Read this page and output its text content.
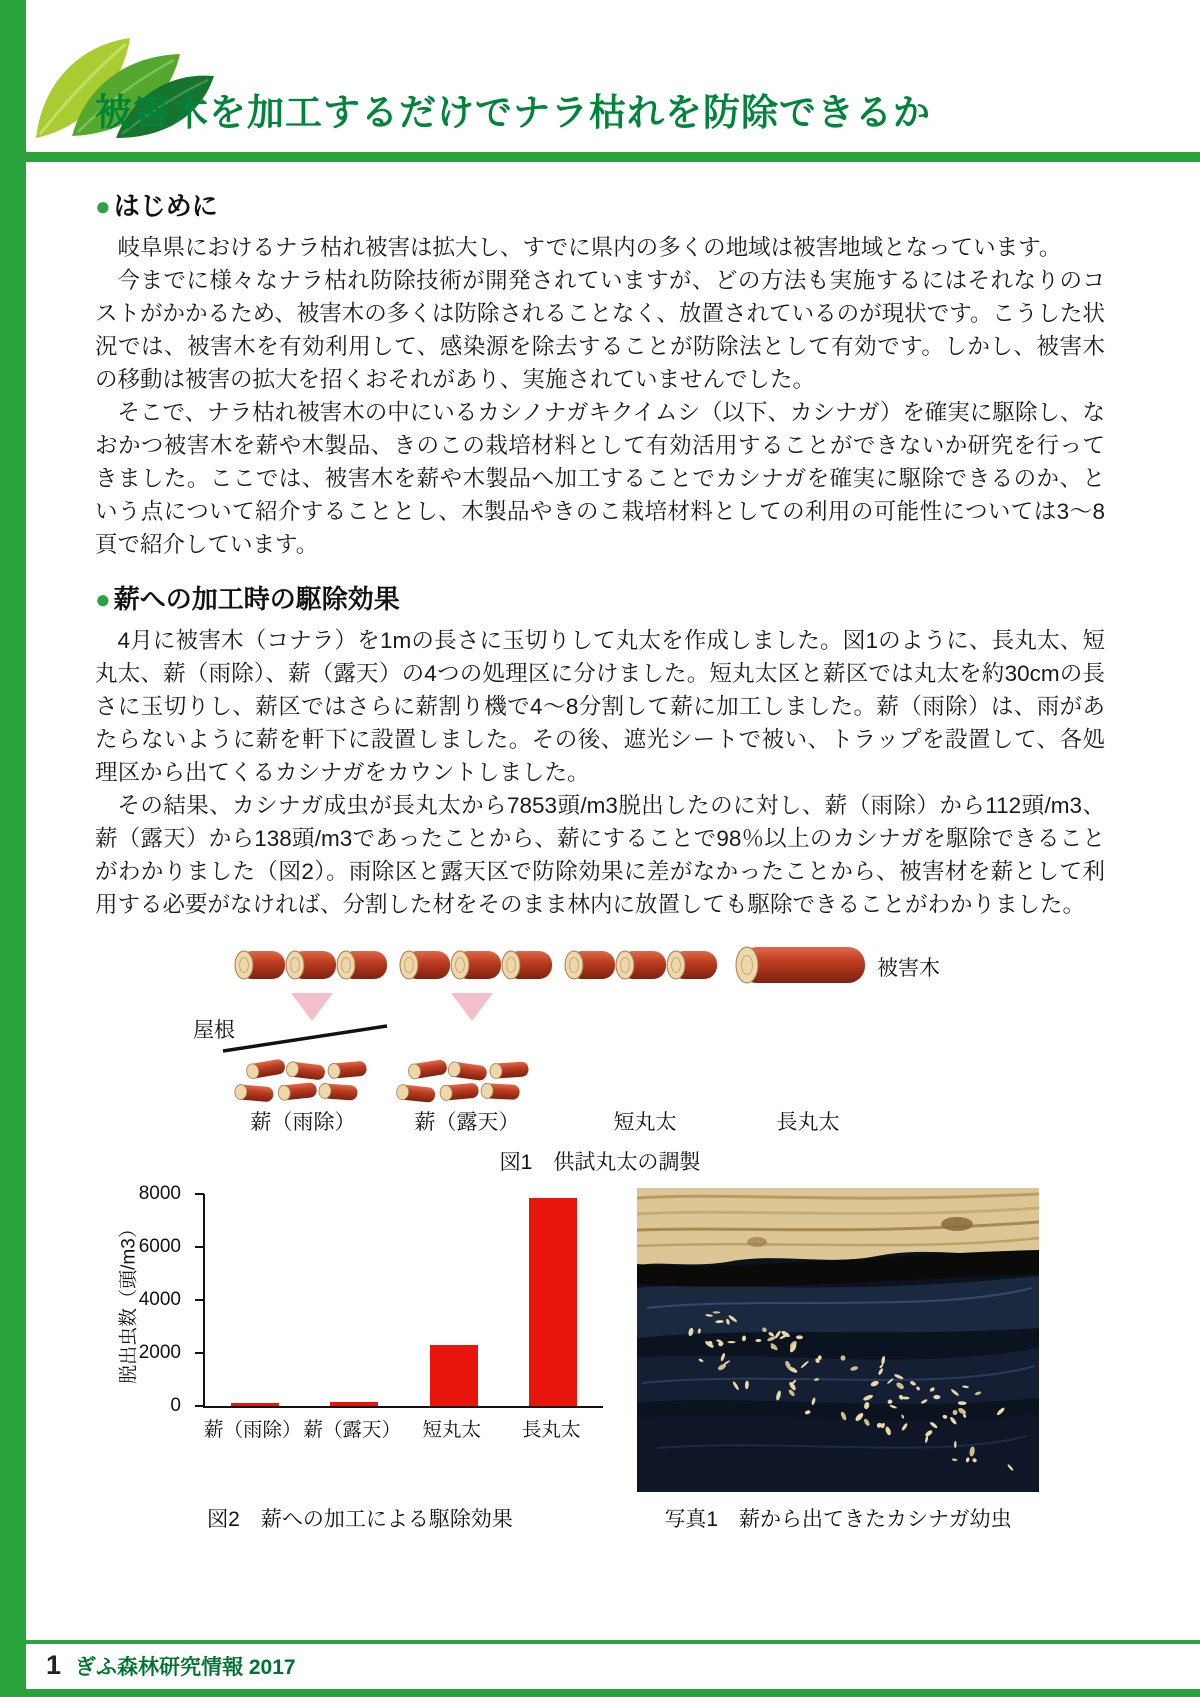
被害木を加工するだけでナラ枯れを防除できるか
● はじめに

岐阜県におけるナラ枯れ被害は拡大し、すでに県内の多くの地域は被害地域となっています。

今までに様々なナラ枯れ防除技術が開発されていますが、どの方法も実施するにはそれなりのコストがかかるため、被害木の多くは防除されることなく、放置されているのが現状です。こうした状況では、被害木を有効利用して、感染源を除去することが防除法として有効です。しかし、被害木の移動は被害の拡大を招くおそれがあり、実施されていませんでした。

そこで、ナラ枯れ被害木の中にいるカシノナガキクイムシ（以下、カシナガ）を確実に駆除し、なおかつ被害木を薪や木製品、きのこの栽培材料として有効活用することができないか研究を行ってきました。ここでは、被害木を薪や木製品へ加工することでカシナガを確実に駆除できるのか、という点について紹介することとし、木製品やきのこ栽培材料としての利用の可能性については3〜8頁で紹介しています。

● 薪への加工時の駆除効果

4月に被害木（コナラ）を1mの長さに玉切りして丸太を作成しました。図1のように、長丸太、短丸太、薪（雨除）、薪（露天）の4つの処理区に分けました。短丸太区と薪区では丸太を約30cmの長さに玉切りし、薪区ではさらに薪割り機で4〜8分割して薪に加工しました。薪（雨除）は、雨があたらないように薪を軒下に設置しました。その後、遮光シートで被い、トラップを設置して、各処理区から出てくるカシナガをカウントしました。

その結果、カシナガ成虫が長丸太から7853頭/m3脱出したのに対し、薪（雨除）から112頭/m3、薪（露天）から138頭/m3であったことから、薪にすることで98％以上のカシナガを駆除できることがわかりました（図2）。雨除区と露天区で防除効果に差がなかったことから、被害材を薪として利用する必要がなければ、分割した材をそのまま林内に放置しても駆除できることがわかりました。

被害木
屋根
薪（雨除）	薪（露天）	短丸太	長丸太
図1　供試丸太の調製
脱出虫数（頭/m3）
0
2000
4000
6000
8000
薪（雨除） 薪（露天）	短丸太	長丸太
図2　薪への加工による駆除効果	写真1　薪から出てきたカシナガ幼虫
1 ぎふ森林研究情報 2017
